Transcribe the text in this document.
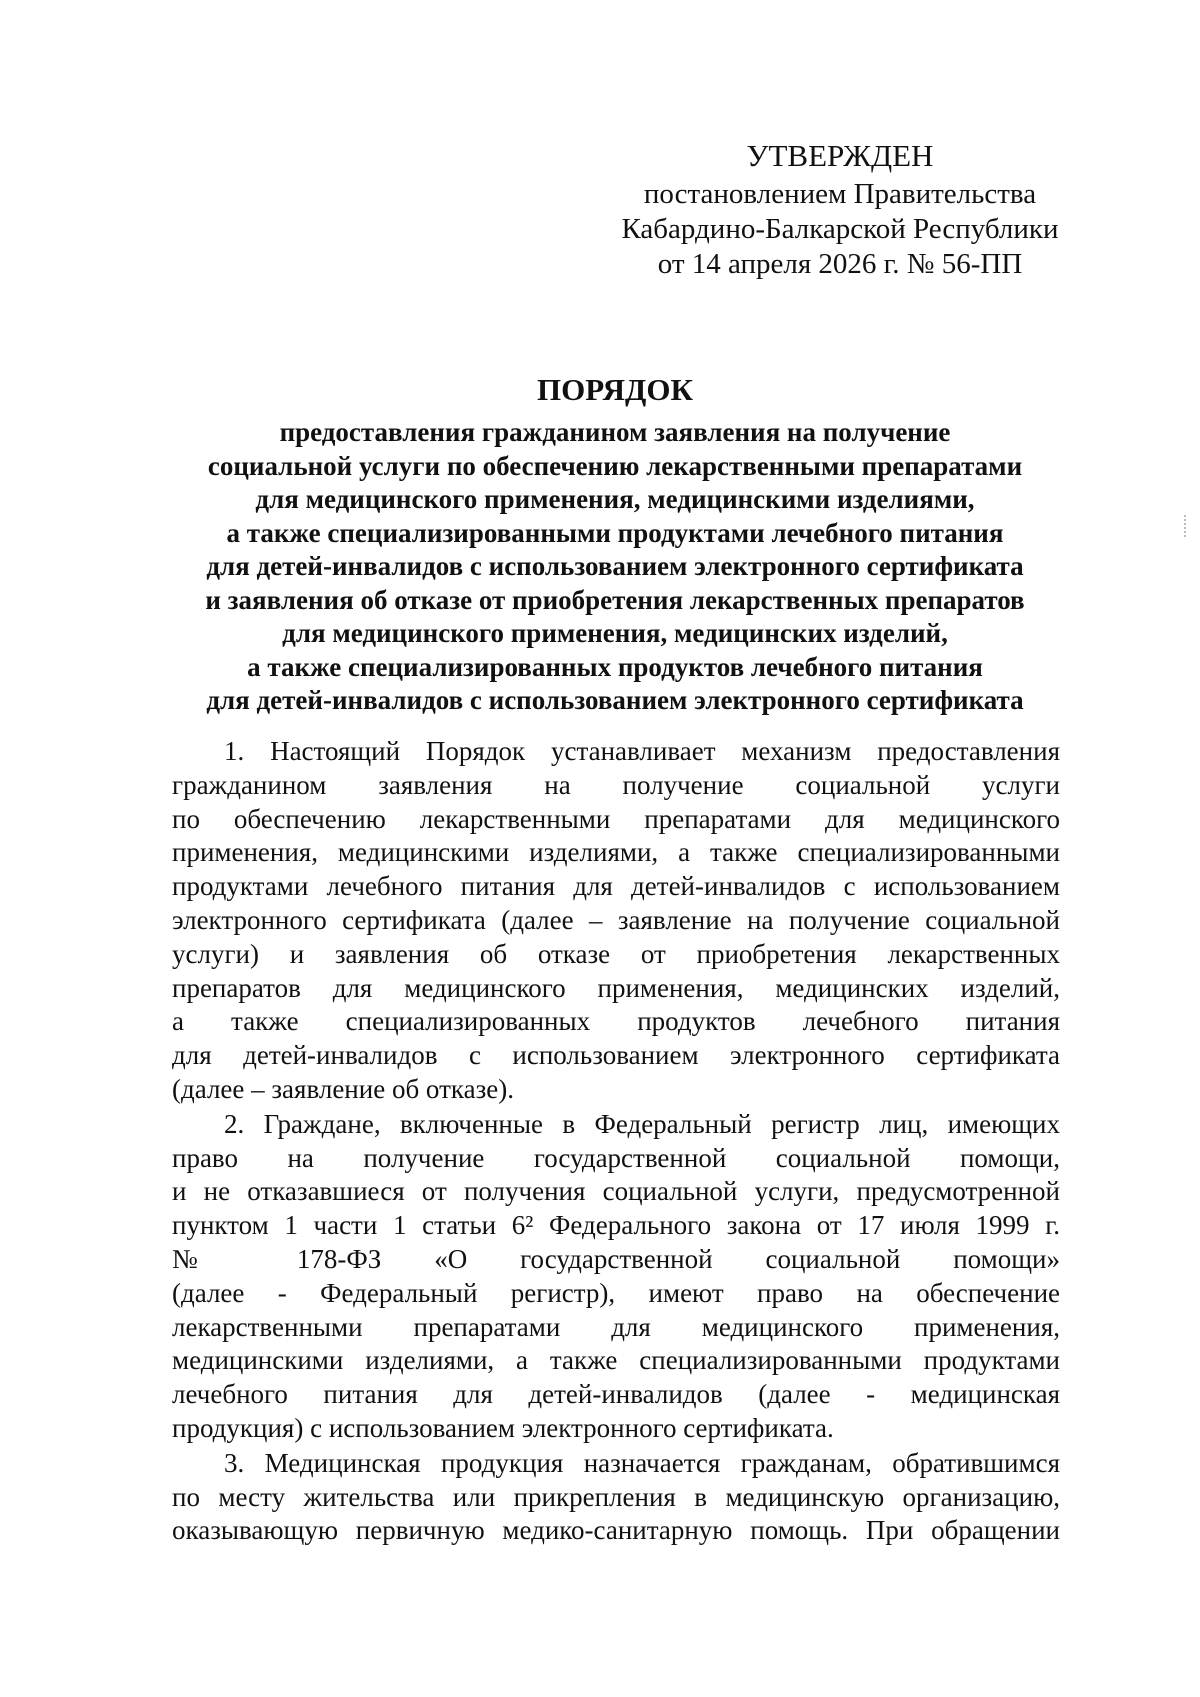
УТВЕРЖДЕН
постановлением Правительства
Кабардино-Балкарской Республики
от 14 апреля 2026 г. № 56-ПП
ПОРЯДОК
предоставления гражданином заявления на получение
социальной услуги по обеспечению лекарственными препаратами
для медицинского применения, медицинскими изделиями,
а также специализированными продуктами лечебного питания
для детей-инвалидов с использованием электронного сертификата
и заявления об отказе от приобретения лекарственных препаратов
для медицинского применения, медицинских изделий,
а также специализированных продуктов лечебного питания
для детей-инвалидов с использованием электронного сертификата
1. Настоящий Порядок устанавливает механизм предоставления
гражданином заявления на получение социальной услуги
по обеспечению лекарственными препаратами для медицинского
применения, медицинскими изделиями, а также специализированными
продуктами лечебного питания для детей-инвалидов с использованием
электронного сертификата (далее – заявление на получение социальной
услуги) и заявления об отказе от приобретения лекарственных
препаратов для медицинского применения, медицинских изделий,
а также специализированных продуктов лечебного питания
для детей-инвалидов с использованием электронного сертификата
(далее – заявление об отказе).
2. Граждане, включенные в Федеральный регистр лиц, имеющих
право на получение государственной социальной помощи,
и не отказавшиеся от получения социальной услуги, предусмотренной
пунктом 1 части 1 статьи 6² Федерального закона от 17 июля 1999 г.
№ 178-ФЗ «О государственной социальной помощи»
(далее - Федеральный регистр), имеют право на обеспечение
лекарственными препаратами для медицинского применения,
медицинскими изделиями, а также специализированными продуктами
лечебного питания для детей-инвалидов (далее - медицинская
продукция) с использованием электронного сертификата.
3. Медицинская продукция назначается гражданам, обратившимся
по месту жительства или прикрепления в медицинскую организацию,
оказывающую первичную медико-санитарную помощь. При обращении
